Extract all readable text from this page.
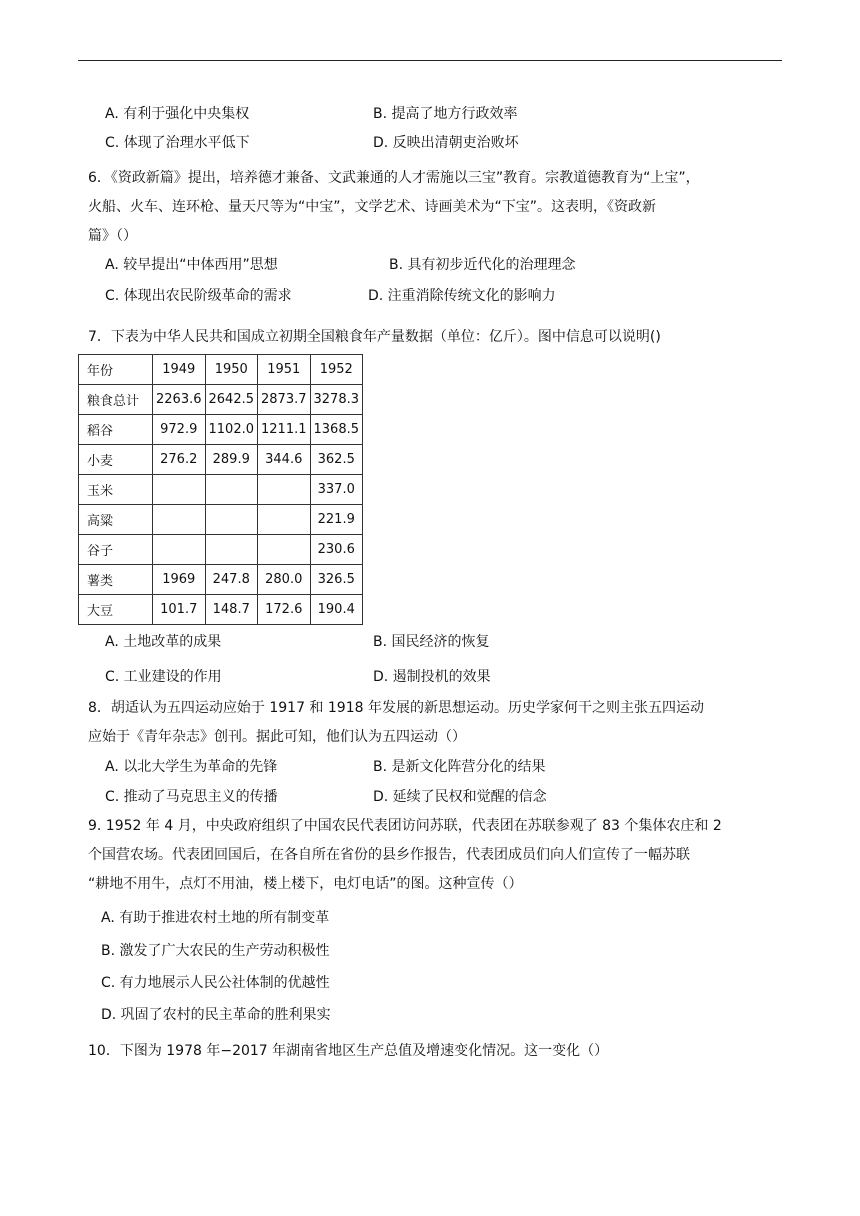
A. 有利于强化中央集权	B. 提高了地方行政效率
C. 体现了治理水平低下	D. 反映出清朝吏治败坏
6．《资政新篇》提出，培养德才兼备、文武兼通的人才需施以三宝”教育。宗教道德教育为“上宝”，
火船、火车、连环枪、量天尺等为“中宝”，文学艺术、诗画美术为“下宝”。这表明，《资政新
篇》（）
A. 较早提出“中体西用”思想	B. 具有初步近代化的治理理念
C. 体现出农民阶级革命的需求	D. 注重消除传统文化的影响力
7．下表为中华人民共和国成立初期全国粮食年产量数据（单位：亿斤）。图中信息可以说明()
年份	1949	1950	1951	1952
粮食总计	2263.6	2642.5	2873.7	3278.3
稻谷	972.9	1102.0	1211.1	1368.5
小麦	276.2	289.9	344.6	362.5
玉米				337.0
高粱				221.9
谷子				230.6
薯类	1969	247.8	280.0	326.5
大豆	101.7	148.7	172.6	190.4
A. 土地改革的成果	B. 国民经济的恢复
C. 工业建设的作用	D. 遏制投机的效果
8．胡适认为五四运动应始于 1917 和 1918 年发展的新思想运动。历史学家何干之则主张五四运动
应始于《青年杂志》创刊。据此可知，他们认为五四运动（）
A. 以北大学生为革命的先锋	B. 是新文化阵营分化的结果
C. 推动了马克思主义的传播	D. 延续了民权和觉醒的信念
9. 1952 年 4 月，中央政府组织了中国农民代表团访问苏联，代表团在苏联参观了 83 个集体农庄和 2
个国营农场。代表团回国后，在各自所在省份的县乡作报告，代表团成员们向人们宣传了一幅苏联
“耕地不用牛，点灯不用油，楼上楼下，电灯电话”的图。这种宣传（）
A. 有助于推进农村土地的所有制变革
B. 激发了广大农民的生产劳动积极性
C. 有力地展示人民公社体制的优越性
D. 巩固了农村的民主革命的胜利果实
10．下图为 1978 年−2017 年湖南省地区生产总值及增速变化情况。这一变化（）
